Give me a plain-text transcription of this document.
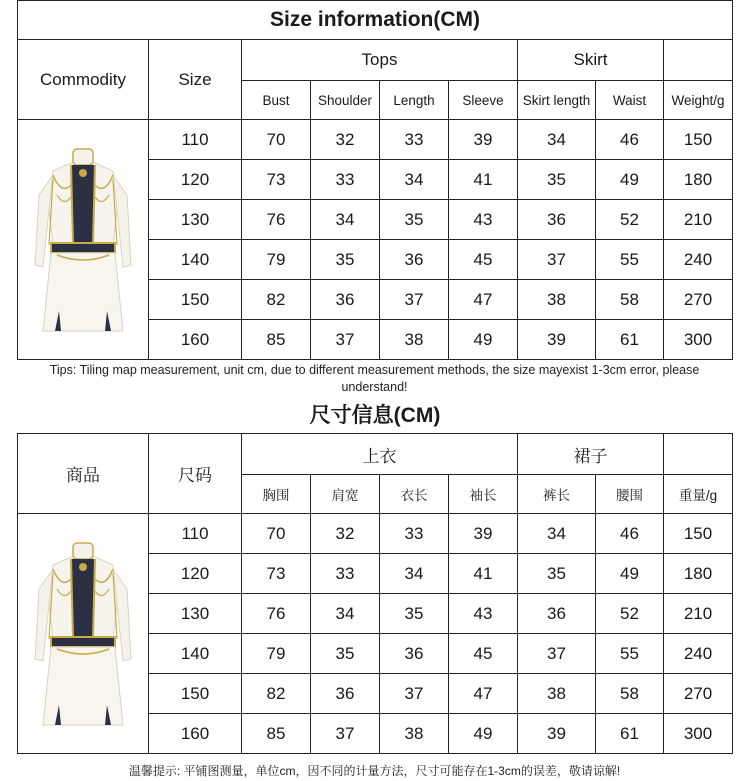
Size information(CM)								
Commodity	Size	Tops				Skirt		
		Bust	Shoulder	Length	Sleeve	Skirt length	Waist	Weight/g

	110	70	32	33	39	34	46	150
	120	73	33	34	41	35	49	180
	130	76	34	35	43	36	52	210
	140	79	35	36	45	37	55	240
	150	82	36	37	47	38	58	270
	160	85	37	38	49	39	61	300
Tips: Tiling map measurement, unit cm, due to different measurement methods, the size mayexist 1-3cm error, please understand!
尺寸信息(CM)								
商品	尺码	上衣				裙子		
		胸围	肩宽	衣长	袖长	裤长	腰围	重量/g

	110	70	32	33	39	34	46	150
	120	73	33	34	41	35	49	180
	130	76	34	35	43	36	52	210
	140	79	35	36	45	37	55	240
	150	82	36	37	47	38	58	270
	160	85	37	38	49	39	61	300
温馨提示: 平铺图测量，单位cm，因不同的计量方法，尺寸可能存在1-3cm的误差，敬请谅解!
